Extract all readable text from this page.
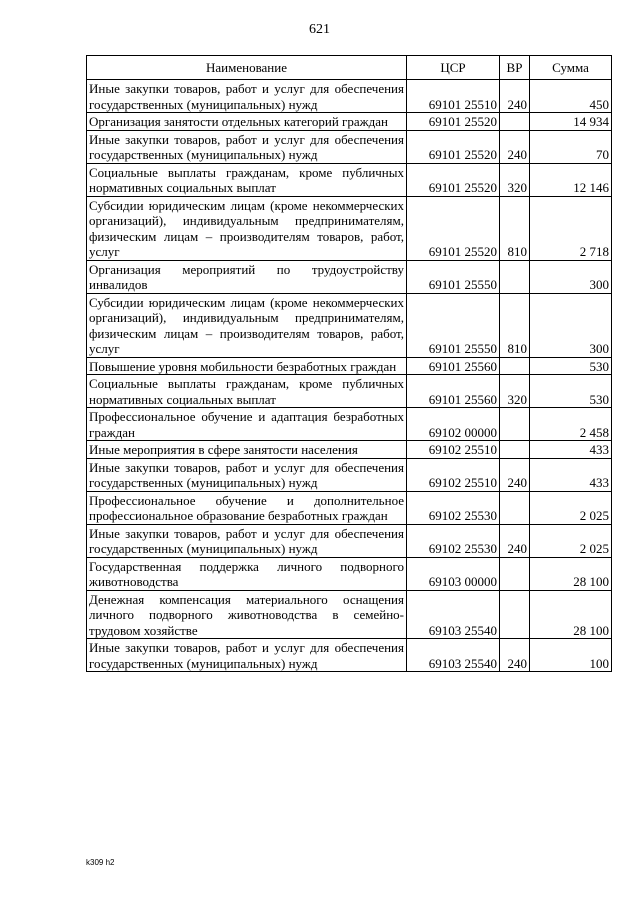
621
Наименование	ЦСР	ВР	Сумма
Иные закупки товаров, работ и услуг для обеспечения государственных (муниципальных) нужд	69101 25510	240	450
Организация занятости отдельных категорий граждан	69101 25520		14 934
Иные закупки товаров, работ и услуг для обеспечения государственных (муниципальных) нужд	69101 25520	240	70
Социальные выплаты гражданам, кроме публичных нормативных социальных выплат	69101 25520	320	12 146
Субсидии юридическим лицам (кроме некоммерческих организаций), индивидуальным предпринимателям, физическим лицам – производителям товаров, работ, услуг	69101 25520	810	2 718
Организация мероприятий по трудоустройству инвалидов	69101 25550		300
Субсидии юридическим лицам (кроме некоммерческих организаций), индивидуальным предпринимателям, физическим лицам – производителям товаров, работ, услуг	69101 25550	810	300
Повышение уровня мобильности безработных граждан	69101 25560		530
Социальные выплаты гражданам, кроме публичных нормативных социальных выплат	69101 25560	320	530
Профессиональное обучение и адаптация безработных граждан	69102 00000		2 458
Иные мероприятия в сфере занятости населения	69102 25510		433
Иные закупки товаров, работ и услуг для обеспечения государственных (муниципальных) нужд	69102 25510	240	433
Профессиональное обучение и дополнительное профессиональное образование безработных граждан	69102 25530		2 025
Иные закупки товаров, работ и услуг для обеспечения государственных (муниципальных) нужд	69102 25530	240	2 025
Государственная поддержка личного подворного животноводства	69103 00000		28 100
Денежная компенсация материального оснащения личного подворного животноводства в семейно-трудовом хозяйстве	69103 25540		28 100
Иные закупки товаров, работ и услуг для обеспечения государственных (муниципальных) нужд	69103 25540	240	100
k309 h2
